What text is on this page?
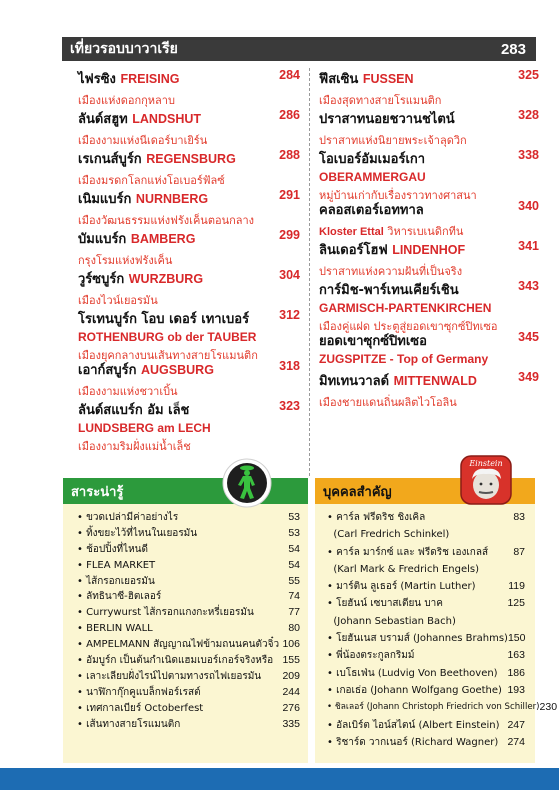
เที่ยวรอบบาวาเรีย	283
ไฟรซิง FREISING	284
เมืองแห่งดอกกุหลาบ
ลันด์สฮูท LANDSHUT	286
เมืองงามแห่งนีเดอร์บาเยิร์น
เรเกนส์บูร์ก REGENSBURG	288
เมืองมรดกโลกแห่งโอเบอร์ฟัลซ์
เนิมแบร์ก NURNBERG	291
เมืองวัฒนธรรมแห่งฟรังเค็นตอนกลาง
บัมแบร์ก BAMBERG	299
กรุงโรมแห่งฟรังเค็น
วูร์ซบูร์ก WURZBURG	304
เมืองไวน์เยอรมัน
โรเทนบูร์ก โอบ เดอร์ เทาเบอร์ 312
ROTHENBURG ob der TAUBER
เมืองยุคกลางบนเส้นทางสายโรแมนติก
เอาก์สบูร์ก AUGSBURG	318
เมืองงามแห่งชวาเบิ้น
ลันด์สแบร์ก อัม เล็ช	323
LUNDSBERG am LECH
เมืองงามริมฝั่งแม่น้ำเล็ช
ฟึสเซิน FUSSEN	325
เมืองสุดทางสายโรแมนติก
ปราสาทนอยชวานชไตน์	328
ปราสาทแห่งนิยายพระเจ้าลุดวิก
โอเบอร์อัมเมอร์เกา	338
OBERAMMERGAU
หมู่บ้านเก่ากับเรื่องราวทางศาสนา
คลอสเตอร์เอททาล	340
Kloster Ettal วิหารเบเนดิกทีน
ลินเดอร์โฮฟ LINDENHOF	341
ปราสาทแห่งความฝันที่เป็นจริง
การ์มิช-พาร์เทนเคียร์เชิน	343
GARMISCH-PARTENKIRCHEN
เมืองคู่แฝด ประตูสู่ยอดเขาซุกซ์ปิทเซอ
ยอดเขาซุกซ์ปิทเซอ	345
ZUGSPITZE - Top of Germany
มิทเทนวาลด์ MITTENWALD	349
เมืองชายแดนถิ่นผลิตไวโอลิน
สาระน่ารู้
• ขวดเปล่ามีค่าอย่างไร	53
• ทิ้งขยะไว้ที่ไหนในเยอรมัน	53
• ช้อปปิ้งที่ไหนดี	54
• FLEA MARKET	54
• ไส้กรอกเยอรมัน	55
• ลัทธินาซี-ฮิตเลอร์	74
• Currywurst ไส้กรอกแกงกะหรี่เยอรมัน	77
• BERLIN WALL	80
• AMPELMANN สัญญาณไฟข้ามถนนคนตัวจิ๋ว 106
• อัมบูร์ก เป็นต้นกำเนิดแฮมเบอร์เกอร์จริงหรือ 155
• เลาะเลียบฝั่งไรน์ไปตามทางรถไฟเยอรมัน 209
• นาฬิกากุ๊กคูแบล็กฟอร์เรสต์	244
• เทศกาลเบียร์ Octoberfest	276
• เส้นทางสายโรแมนติก	335
บุคคลสำคัญ
• คาร์ล ฟรีดริช ชิงเคิล	83
(Carl Fredrich Schinkel)
• คาร์ล มาร์กซ์ และ ฟรีดริช เองเกลส์ 87
(Karl Mark & Fredrich Engels)
• มาร์ติน ลูเธอร์ (Martin Luther)	119
• โยฮันน์ เซบาสเตียน บาค	125
(Johann Sebastian Bach)
• โยฮันเนส บรามส์ (Johannes Brahms) 150
• พี่น้องตระกูลกริมม์	163
• เบโธเฟ่น (Ludvig Von Beethoven) 186
• เกอเธ่อ (Johann Wolfgang Goethe) 193
• ชิลเลอร์ (Johann Christoph Friedrich von Schiller) 230
• อัลเบิร์ต ไอน์สไตน์ (Albert Einstein) 247
• ริชาร์ด วากเนอร์ (Richard Wagner) 274
Einstein
